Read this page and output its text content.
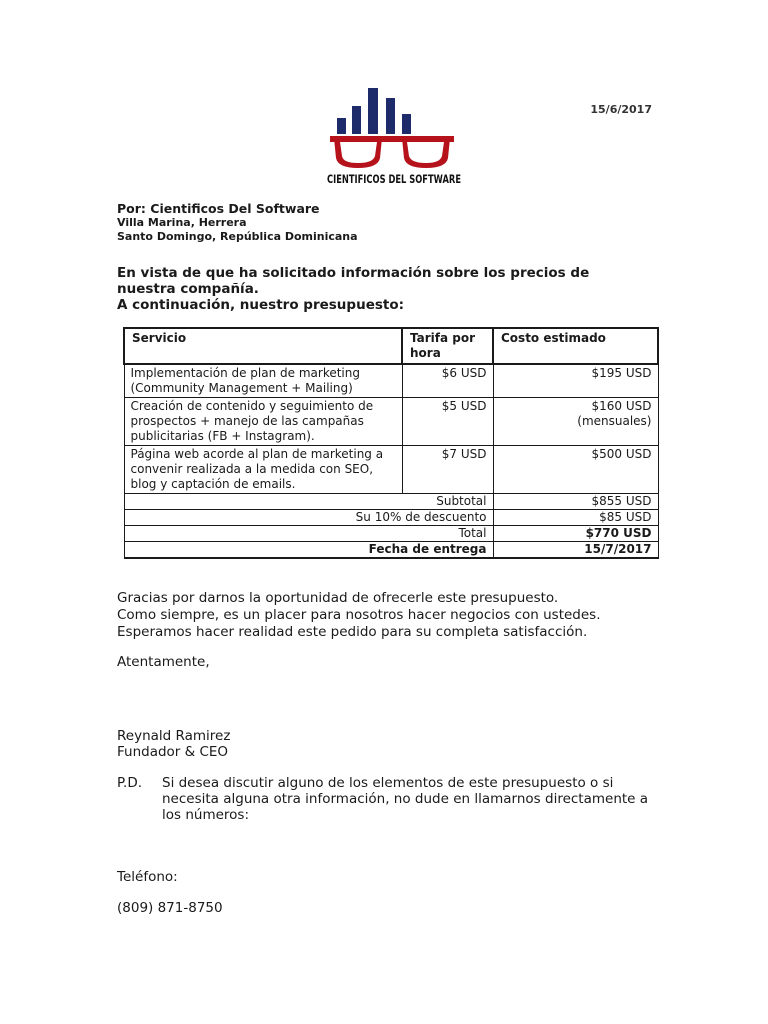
CIENTIFICOS DEL SOFTWARE
15/6/2017
Por: Cientificos Del Software
Villa Marina, Herrera
Santo Domingo, República Dominicana
En vista de que ha solicitado información sobre los precios de
nuestra compañía.
A continuación, nuestro presupuesto:
Servicio	Tarifa por hora	Costo estimado
Implementación de plan de marketing (Community Management + Mailing)	$6 USD	$195 USD
Creación de contenido y seguimiento de prospectos + manejo de las campañas publicitarias (FB + Instagram).	$5 USD	$160 USD
(mensuales)

Página web acorde al plan de marketing a convenir realizada a la medida con SEO, blog y captación de emails.	$7 USD	$500 USD
Subtotal		$855 USD
Su 10% de descuento		$85 USD
Total		$770 USD
Fecha de entrega		15/7/2017
Gracias por darnos la oportunidad de ofrecerle este presupuesto.
Como siempre, es un placer para nosotros hacer negocios con ustedes.
Esperamos hacer realidad este pedido para su completa satisfacción.
Atentamente,
Reynald Ramirez
Fundador & CEO
P.D.	Si desea discutir alguno de los elementos de este presupuesto o si necesita alguna otra información, no dude en llamarnos directamente a los números:
Teléfono:
(809) 871-8750
